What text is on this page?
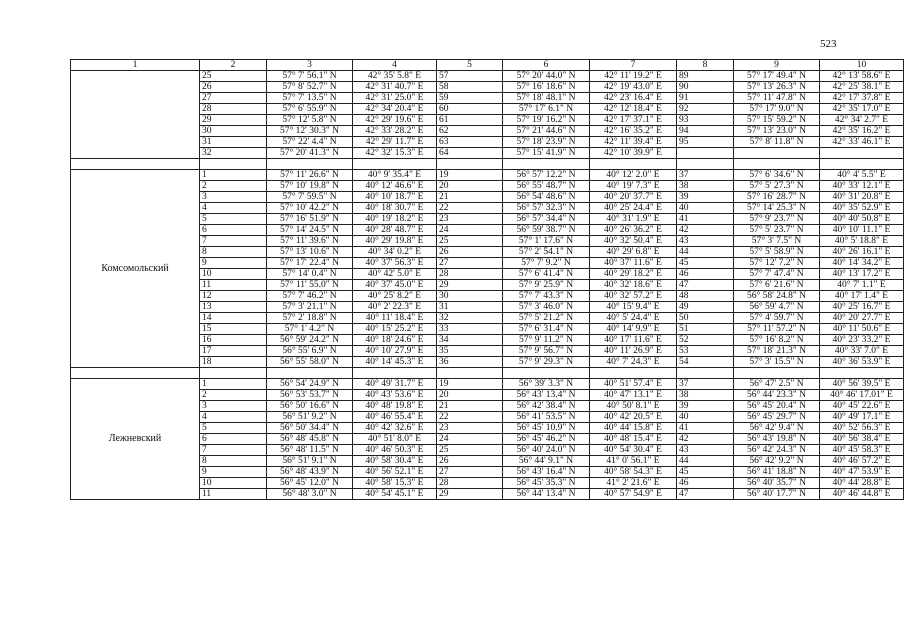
523
1	2	3	4	5	6	7	8	9	10
	25	57° 7' 56.1" N	42° 35' 5.8" E	57	57° 20' 44.0" N	42° 11' 19.2" E	89	57° 17' 49.4" N	42° 13' 58.6" E
	26	57° 8' 52.7" N	42° 31' 40.7" E	58	57° 16' 18.6" N	42° 19' 43.0" E	90	57° 13' 26.3" N	42° 25' 38.1" E
	27	57° 7' 13.5" N	42° 31' 25.0" E	59	57° 18' 48.1" N	42° 23' 16.4" E	91	57° 11' 47.8" N	42° 17' 37.8" E
	28	57° 6' 55.9" N	42° 34' 20.4" E	60	57° 17' 6.1" N	42° 12' 18.4" E	92	57° 17' 9.0" N	42° 35' 17.0" E
	29	57° 12' 5.8" N	42° 29' 19.6" E	61	57° 19' 16.2" N	42° 17' 37.1" E	93	57° 15' 59.2" N	42° 34' 2.7" E
	30	57° 12' 30.3" N	42° 33' 28.2" E	62	57° 21' 44.6" N	42° 16' 35.2" E	94	57° 13' 23.0" N	42° 35' 16.2" E
	31	57° 22' 4.4" N	42° 29' 11.7" E	63	57° 18' 23.9" N	42° 11' 39.4" E	95	57° 8' 11.8" N	42° 33' 46.1" E
	32	57° 20' 41.3" N	42° 32' 15.3" E	64	57° 15' 41.9" N	42° 10' 39.9" E			

Комсомольский	1	57° 11' 26.6" N	40° 9' 35.4" E	19	56° 57' 12.2" N	40° 12' 2.0" E	37	57° 6' 34.6" N	40° 4' 5.5" E
	2	57° 10' 19.8" N	40° 12' 46.6" E	20	56° 55' 48.7" N	40° 19' 7.3" E	38	57° 5' 27.3" N	40° 33' 12.1" E
	3	57° 7' 59.5" N	40° 10' 18.7" E	21	56° 54' 48.6" N	40° 20' 37.7" E	39	57° 16' 28.7" N	40° 31' 20.8" E
	4	57° 10' 42.2" N	40° 18' 30.7" E	22	56° 57' 32.3" N	40° 25' 24.4" E	40	57° 14' 25.3" N	40° 35' 52.9" E
	5	57° 16' 51.9" N	40° 19' 18.2" E	23	56° 57' 34.4" N	40° 31' 1.9" E	41	57° 9' 23.7" N	40° 40' 50.8" E
	6	57° 14' 24.5" N	40° 28' 48.7" E	24	56° 59' 38.7" N	40° 26' 36.2" E	42	57° 5' 23.7" N	40° 10' 11.1" E
	7	57° 11' 39.6" N	40° 29' 19.8" E	25	57° 1' 17.6" N	40° 32' 50.4" E	43	57° 3' 7.5" N	40° 5' 18.8" E
	8	57° 13' 10.6" N	40° 34' 0.2" E	26	57° 2' 54.1" N	40° 29' 6.8" E	44	57° 5' 58.9" N	40° 26' 16.1" E
	9	57° 17' 22.4" N	40° 37' 56.3" E	27	57° 7' 9.2" N	40° 37' 11.6" E	45	57° 12' 7.2" N	40° 14' 34.2" E
	10	57° 14' 0.4" N	40° 42' 5.0" E	28	57° 6' 41.4" N	40° 29' 18.2" E	46	57° 7' 47.4" N	40° 13' 17.2" E
	11	57° 11' 55.0" N	40° 37' 45.0" E	29	57° 9' 25.9" N	40° 32' 18.6" E	47	57° 6' 21.6" N	40° 7' 1.1" E
	12	57° 7' 46.2" N	40° 25' 8.2" E	30	57° 7' 43.3" N	40° 32' 57.2" E	48	56° 58' 24.8" N	40° 17' 1.4" E
	13	57° 3' 21.1" N	40° 2' 22.3" E	31	57° 3' 46.0" N	40° 15' 9.4" E	49	56° 59' 4.7" N	40° 25' 16.7" E
	14	57° 2' 18.8" N	40° 11' 18.4" E	32	57° 5' 21.2" N	40° 5' 24.4" E	50	57° 4' 59.7" N	40° 20' 27.7" E
	15	57° 1' 4.2" N	40° 15' 25.2" E	33	57° 6' 31.4" N	40° 14' 9.9" E	51	57° 11' 57.2" N	40° 11' 50.6" E
	16	56° 59' 24.2" N	40° 18' 24.6" E	34	57° 9' 11.2" N	40° 17' 11.6" E	52	57° 16' 8.2" N	40° 23' 33.2" E
	17	56° 55' 6.9" N	40° 10' 27.9" E	35	57° 9' 56.7" N	40° 11' 26.9" E	53	57° 18' 21.3" N	40° 33' 7.0" E
	18	56° 55' 58.0" N	40° 14' 45.3" E	36	57° 9' 29.3" N	40° 7' 24.3" E	54	57° 3' 15.5" N	40° 36' 53.9" E

Лежневский	1	56° 54' 24.9" N	40° 49' 31.7" E	19	56° 39' 3.3" N	40° 51' 57.4" E	37	56° 47' 2.5" N	40° 56' 39.5" E
	2	56° 53' 53.7" N	40° 43' 53.6" E	20	56° 43' 13.4" N	40° 47' 13.1" E	38	56° 44' 23.3" N	40° 46' 17.01" E
	3	56° 50' 16.6" N	40° 48' 19.8" E	21	56° 42' 38.4" N	40° 50' 8.1" E	39	56° 45' 20.4" N	40° 45' 22.6" E
	4	56° 51' 9.2" N	40° 46' 55.4" E	22	56° 41' 53.5" N	40° 42' 20.5" E	40	56° 45' 29.7" N	40° 49' 17.1" E
	5	56° 50' 34.4" N	40° 42' 32.6" E	23	56° 45' 10.9" N	40° 44' 15.8" E	41	56° 42' 9.4" N	40° 52' 56.3" E
	6	56° 48' 45.8" N	40° 51' 8.0" E	24	56° 45' 46.2" N	40° 48' 15.4" E	42	56° 43' 19.8" N	40° 56' 38.4" E
	7	56° 48' 11.5" N	40° 46' 50.3" E	25	56° 40' 24.0" N	40° 54' 30.4" E	43	56° 42' 24.3" N	40° 45' 58.3" E
	8	56° 51' 9.1" N	40° 58' 30.4" E	26	56° 44' 9.1" N	41° 0' 56.1" E	44	56° 42' 9.2" N	40° 46' 57.2" E
	9	56° 48' 43.9" N	40° 56' 52.1" E	27	56° 43' 16.4" N	40° 58' 54.3" E	45	56° 41' 18.8" N	40° 47' 53.9" E
	10	56° 45' 12.0" N	40° 58' 15.3" E	28	56° 45' 35.3" N	41° 2' 21.6" E	46	56° 40' 35.7" N	40° 44' 28.8" E
	11	56° 48' 3.0" N	40° 54' 45.1" E	29	56° 44' 13.4" N	40° 57' 54.9" E	47	56° 40' 17.7" N	40° 46' 44.8" E
